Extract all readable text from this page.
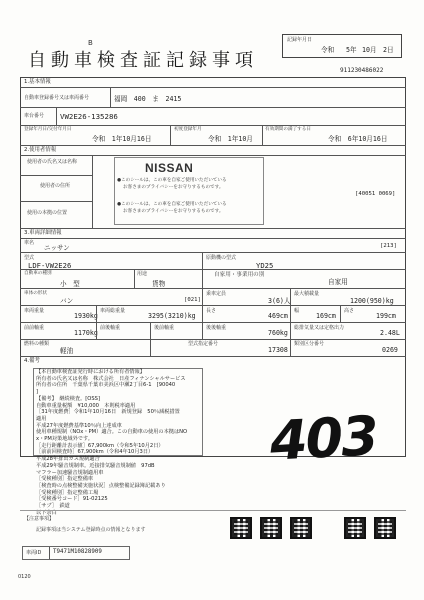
B
自動車検査証記録事項
記録年月日
令和 5年 10月 2日
911230486022
1.基本情報
自動車登録番号又は車両番号	福岡　400　ま　2415
車台番号 VW2E26-135286
登録年月日/交付年月日
令和　1年10月16日
初度登録年月
令和　1年10月
有効期間の満了する日
令和　6年10月16日
2.使用者情報
使用者の氏名又は名称
使用者の住所
使用の本拠の位置
NISSAN
●このシールは、この車を自家ご使用いただいている
お客さまのプライバシーをお守りするものです。
●このシールは、この車を自家ご使用いただいている
お客さまのプライバシーをお守りするものです。
[40051 0069]
3.車両詳細情報
車名
ニッサン	[213]
型式
LDF-VW2E26
原動機の型式
YD25
自動車の種別
小　型
用途
貨物
自家用・事業用の別
自家用
車体の形状
バン	[021]
乗車定員
3(6)人
最大積載量
1200(950)kg
車両重量
1930kg
車両総重量
3295(3210)kg
長さ
469cm
幅
169cm
高さ
199cm
前前軸重
1170kg
前後軸重	後前軸重	後後軸重
760kg
総排気量又は定格出力
2.48L
燃料の種類
軽油
型式指定番号
17308
類別区分番号
0269
4.備考
【本自動車検査証発行時における所有者情報】
所有者の氏名又は名称　株式会社　日産フィナンシャルサービス
所有者の住所　千葉県千葉市美浜区中瀬2丁目6-1　[90040
]
【備考】　継続検査。[OSS]
自動車重量税額　¥10,000　本則税率適用
［31年度燃費］令和1年10月16日　新規登録　50％減税措置
適用
平成27年度燃費基準10％向上達成車
使用車種規制（NOx・PM）適合。この自動車の使用の本拠はNO
x・PM対策地域外です。
［走行距離計表示値］67,900km（令和5年10月2日）
［前前回検査時］67,900km（令和4年10月3日）
平成28年排出ガス規制適合
平成29年騒音規制車。近接排気騒音規制値　97dB
マフラー加速騒音規制適用車
［受検種別］指定整備車
［検査時の点検整備実施状況］点検整備記録簿記載あり
［受検種別］指定整備工場
［受検番号コード］91-02125
［サブ］　鉄道
以下余白
403
【注意事項】
記録事項は当システム登録時点の情報となります
車両ID T9471M10828909
0120
